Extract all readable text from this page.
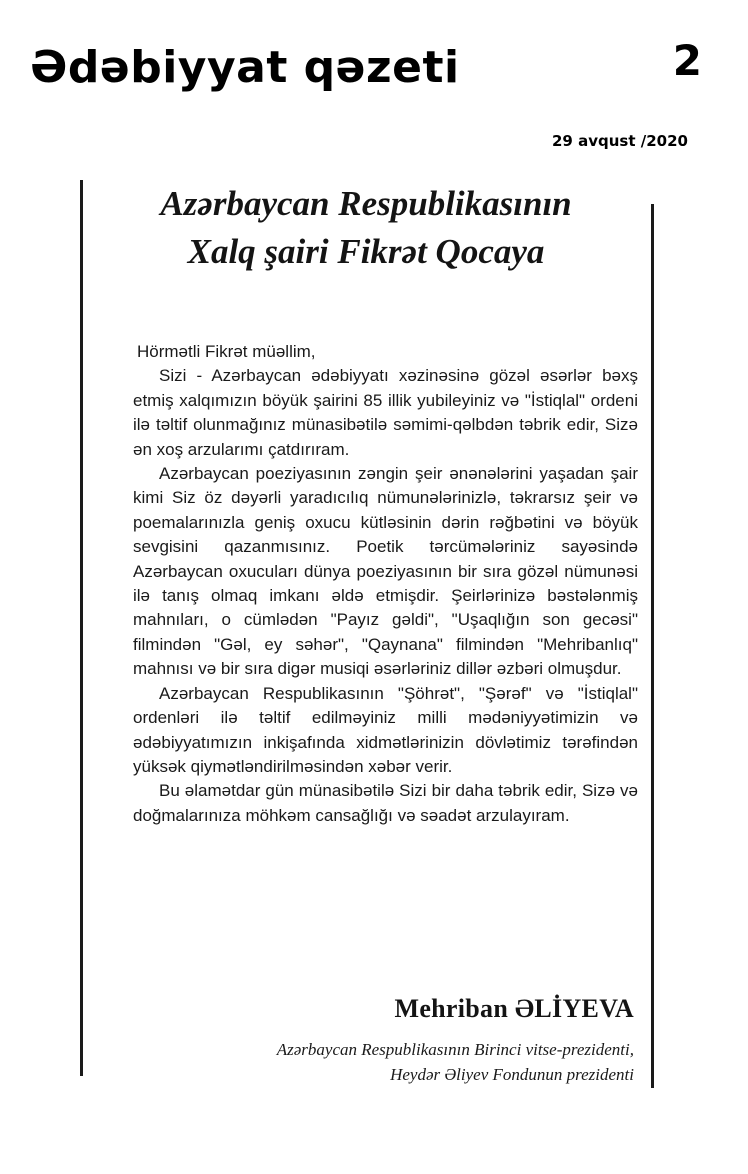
Ədəbiyyat qəzeti	2
29 avqust /2020
Azərbaycan Respublikasının
Xalq şairi Fikrət Qocaya

Hörmətli Fikrət müəllim,

Sizi - Azərbaycan ədəbiyyatı xəzinəsinə gözəl əsərlər bəxş etmiş xalqımızın böyük şairini 85 illik yubileyiniz və "İstiqlal" ordeni ilə təltif olunmağınız münasibətilə səmimi-qəlbdən təbrik edir, Sizə ən xoş arzularımı çatdırıram.

Azərbaycan poeziyasının zəngin şeir ənənələrini yaşadan şair kimi Siz öz dəyərli yaradıcılıq nümunələrinizlə, təkrarsız şeir və poemalarınızla geniş oxucu kütləsinin dərin rəğbətini və böyük sevgisini qazanmısınız. Poetik tərcümələriniz sayəsində Azərbaycan oxucuları dünya poeziyasının bir sıra gözəl nümunəsi ilə tanış olmaq imkanı əldə etmişdir. Şeirlərinizə bəstələnmiş mahnıları, o cümlədən "Payız gəldi", "Uşaqlığın son gecəsi" filmindən "Gəl, ey səhər", "Qaynana" filmindən "Mehribanlıq" mahnısı və bir sıra digər musiqi əsərləriniz dillər əzbəri olmuşdur.

Azərbaycan Respublikasının "Şöhrət", "Şərəf" və "İstiqlal" ordenləri ilə təltif edilməyiniz milli mədəniyyətimizin və ədəbiyyatımızın inkişafında xidmətlərinizin dövlətimiz tərəfindən yüksək qiymətləndirilməsindən xəbər verir.

Bu əlamətdar gün münasibətilə Sizi bir daha təbrik edir, Sizə və doğmalarınıza möhkəm cansağlığı və səadət arzulayıram.

Mehriban ƏLİYEVA
Azərbaycan Respublikasının Birinci vitse-prezidenti,
Heydər Əliyev Fondunun prezidenti
